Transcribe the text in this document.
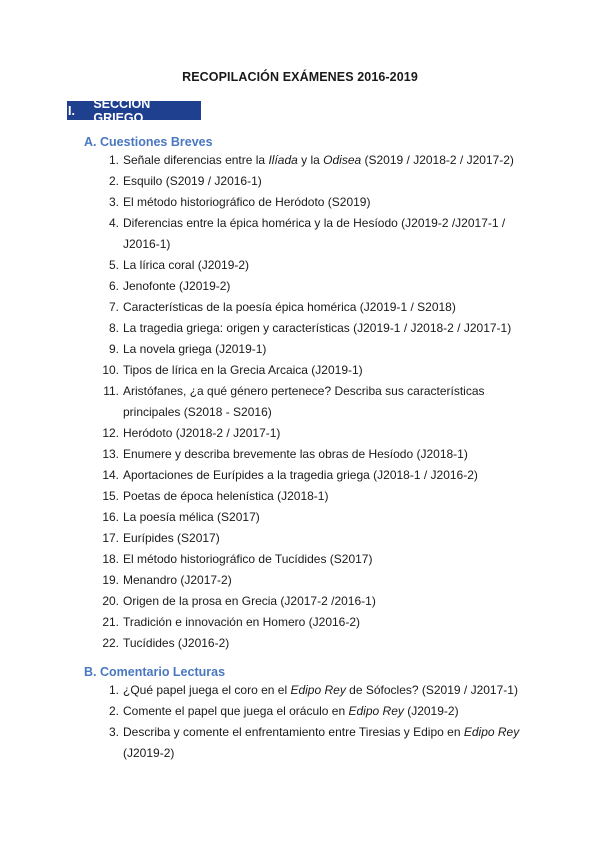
RECOPILACIÓN EXÁMENES 2016-2019
I.	SECCIÓN GRIEGO
A. Cuestiones Breves
B. Comentario Lecturas
1. Señale diferencias entre la Ilíada y la Odisea (S2019 / J2018-2 / J2017-2)
2. Esquilo (S2019 / J2016-1)
3. El método historiográfico de Heródoto (S2019)
4. Diferencias entre la épica homérica y la de Hesíodo (J2019-2 /J2017-1 /
J2016-1)
5. La lírica coral (J2019-2)
6. Jenofonte (J2019-2)
7. Características de la poesía épica homérica (J2019-1 / S2018)
8. La tragedia griega: origen y características (J2019-1 / J2018-2 / J2017-1)
9. La novela griega (J2019-1)
10. Tipos de lírica en la Grecia Arcaica (J2019-1)
11. Aristófanes, ¿a qué género pertenece? Describa sus características
principales (S2018 - S2016)
12. Heródoto (J2018-2 / J2017-1)
13. Enumere y describa brevemente las obras de Hesíodo (J2018-1)
14. Aportaciones de Eurípides a la tragedia griega (J2018-1 / J2016-2)
15. Poetas de época helenística (J2018-1)
16. La poesía mélica (S2017)
17. Eurípides (S2017)
18. El método historiográfico de Tucídides (S2017)
19. Menandro (J2017-2)
20. Origen de la prosa en Grecia (J2017-2 /2016-1)
21. Tradición e innovación en Homero (J2016-2)
22. Tucídides (J2016-2)
1. ¿Qué papel juega el coro en el Edipo Rey de Sófocles? (S2019 / J2017-1)
2. Comente el papel que juega el oráculo en Edipo Rey (J2019-2)
3. Describa y comente el enfrentamiento entre Tiresias y Edipo en Edipo Rey
(J2019-2)
